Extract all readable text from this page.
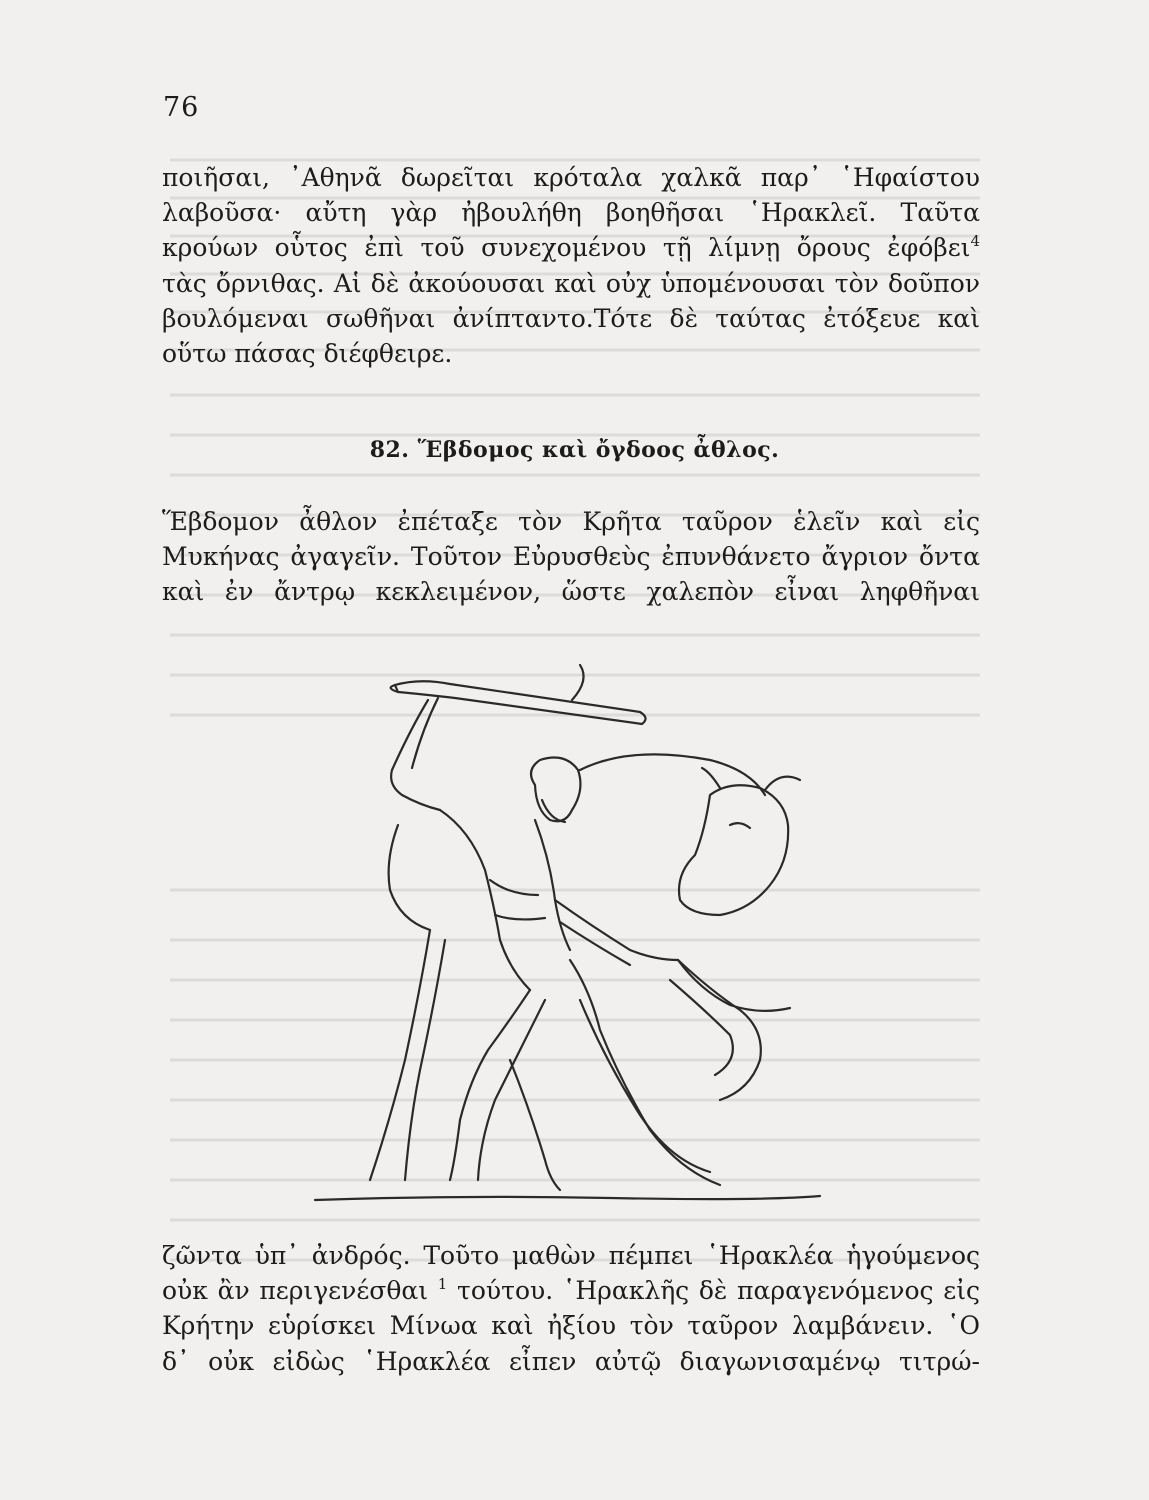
76
ποιῆσαι, ᾿Αθηνᾶ δωρεῖται κρόταλα χαλκᾶ παρ᾿ ῾Ηφαίστου
λαβοῦσα· αὔτη γὰρ ἠβουλήθη βοηθῆσαι ῾Ηρακλεῖ. Ταῦτα
κρούων οὗτος ἐπὶ τοῦ συνεχομένου τῇ λίμνῃ ὄρους ἐφόβει$^4$
τὰς ὄρνιθας. Αἱ δὲ ἀκούουσαι καὶ οὐχ ὑπομένουσαι τὸν δοῦπον
βουλόμεναι σωθῆναι ἀνίπταντο.Τότε δὲ ταύτας ἐτόξευε καὶ
οὕτω πάσας διέφθειρε.
82. Ἕβδομος καὶ ὄγδοος ἆθλος.
Ἕβδομον ἆθλον ἐπέταξε τὸν Κρῆτα ταῦρον ἑλεῖν καὶ εἰς
Μυκήνας ἀγαγεῖν. Τοῦτον Εὐρυσθεὺς ἐπυνθάνετο ἄγριον ὄντα
καὶ ἐν ἄντρῳ κεκλειμένον, ὥστε χαλεπὸν εἶναι ληφθῆναι
ζῶντα ὑπ᾿ ἀνδρός. Τοῦτο μαθὼν πέμπει ῾Ηρακλέα ἡγούμενος
οὐκ ἂν περιγενέσθαι $^1$ τούτου. ῾Ηρακλῆς δὲ παραγενόμενος εἰς
Κρήτην εὑρίσκει Μίνωα καὶ ἠξίου τὸν ταῦρον λαμβάνειν. ῾Ο
δ᾿ οὐκ εἰδὼς ῾Ηρακλέα εἶπεν αὐτῷ διαγωνισαμένῳ τιτρώ-
